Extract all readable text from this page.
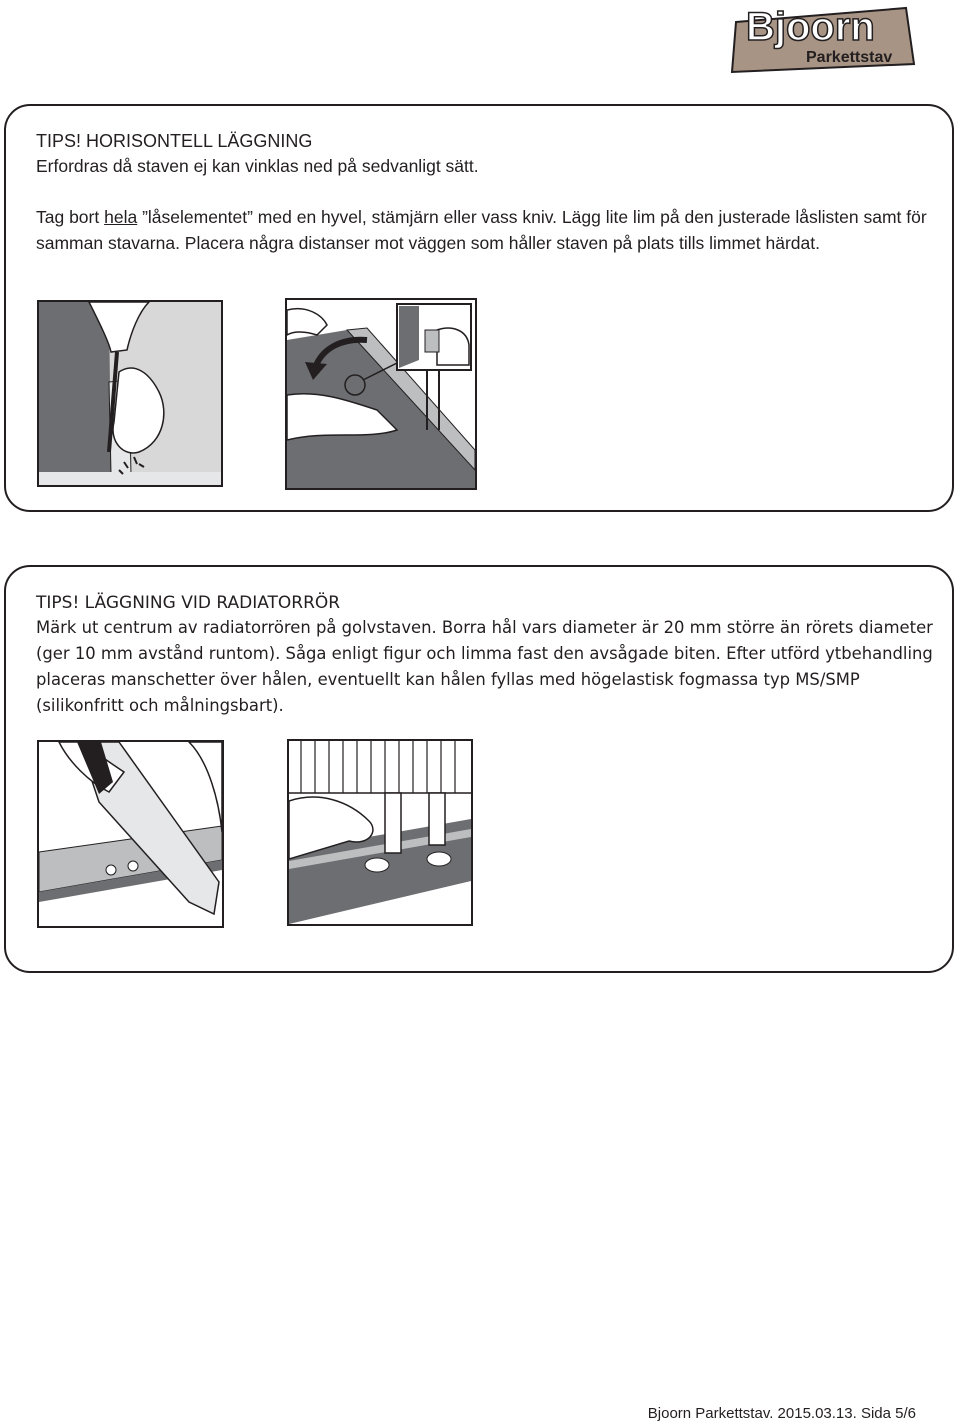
Bjoorn
Parkettstav
TIPS! HORISONTELL LÄGGNING

Erfordras då staven ej kan vinklas ned på sedvanligt sätt.

Tag bort hela ”låselementet” med en hyvel, stämjärn eller vass kniv. Lägg lite lim på den justerade låslisten samt för samman stavarna. Placera några distanser mot väggen som håller staven på plats tills limmet härdat.

TIPS! LÄGGNING VID RADIATORRÖR

Märk ut centrum av radiatorrören på golvstaven. Borra hål vars diameter är 20 mm större än rörets diameter (ger 10 mm avstånd runtom). Såga enligt figur och limma fast den avsågade biten. Efter utförd ytbehandling placeras manschetter över hålen, eventuellt kan hålen fyllas med högelastisk fogmassa typ MS/SMP (silikonfritt och målningsbart).

Bjoorn Parkettstav. 2015.03.13. Sida 5/6
